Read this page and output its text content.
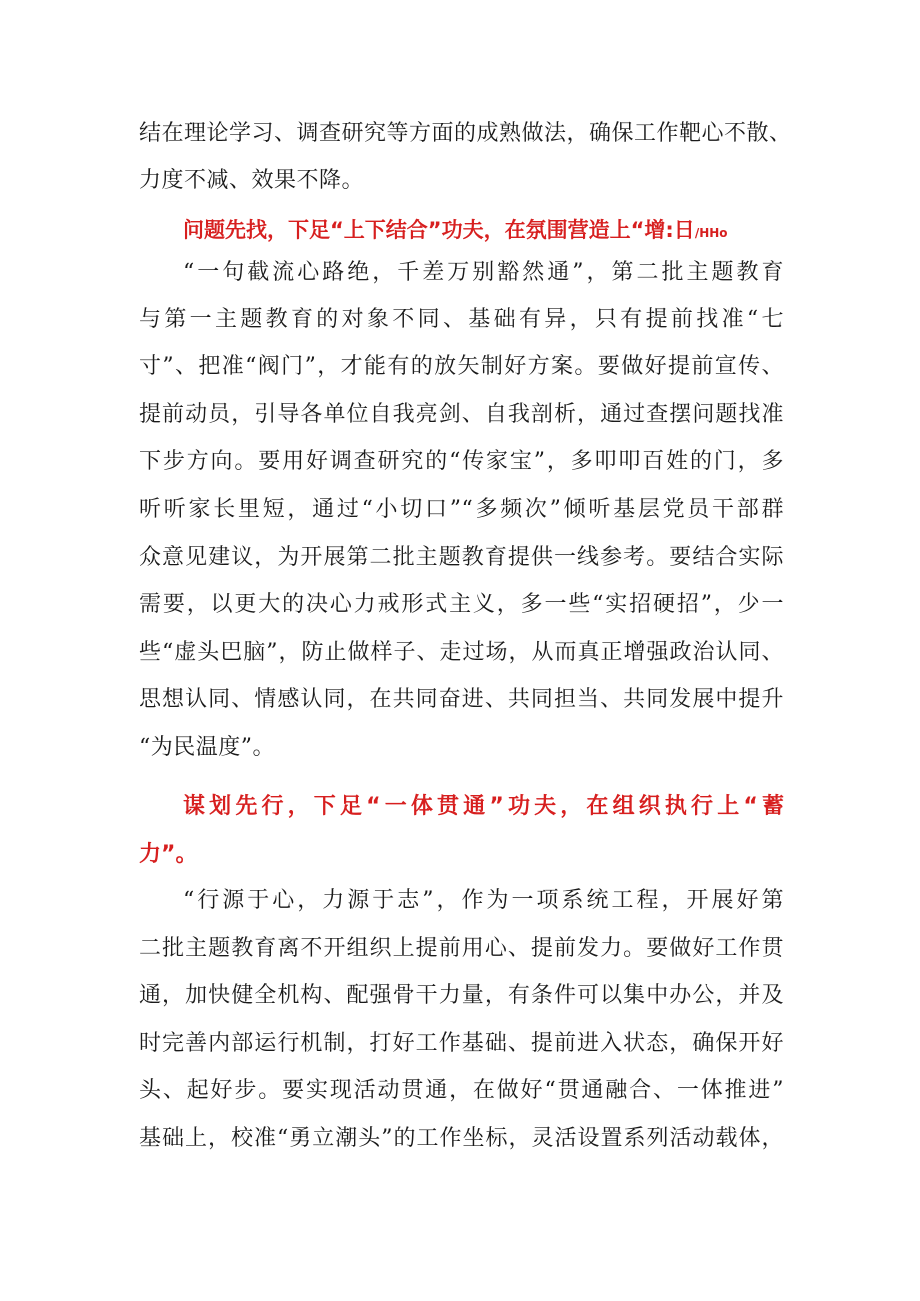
结在理论学习、调查研究等方面的成熟做法，确保工作靶心不散、
力度不减、效果不降。
问题先找，下足“上下结合”功夫，在氛围营造上“增:日/HHo
“一句截流心路绝，千差万别豁然通”，第二批主题教育
与第一主题教育的对象不同、基础有异，只有提前找准“七
寸”、把准“阀门”，才能有的放矢制好方案。要做好提前宣传、
提前动员，引导各单位自我亮剑、自我剖析，通过查摆问题找准
下步方向。要用好调查研究的“传家宝”，多叩叩百姓的门，多
听听家长里短，通过“小切口”“多频次”倾听基层党员干部群
众意见建议，为开展第二批主题教育提供一线参考。要结合实际
需要，以更大的决心力戒形式主义，多一些“实招硬招”，少一
些“虚头巴脑”，防止做样子、走过场，从而真正增强政治认同、
思想认同、情感认同，在共同奋进、共同担当、共同发展中提升
“为民温度”。
谋划先行，下足“一体贯通”功夫，在组织执行上“蓄
力”。
“行源于心，力源于志”，作为一项系统工程，开展好第
二批主题教育离不开组织上提前用心、提前发力。要做好工作贯
通，加快健全机构、配强骨干力量，有条件可以集中办公，并及
时完善内部运行机制，打好工作基础、提前进入状态，确保开好
头、起好步。要实现活动贯通，在做好“贯通融合、一体推进”
基础上，校准“勇立潮头”的工作坐标，灵活设置系列活动载体，
